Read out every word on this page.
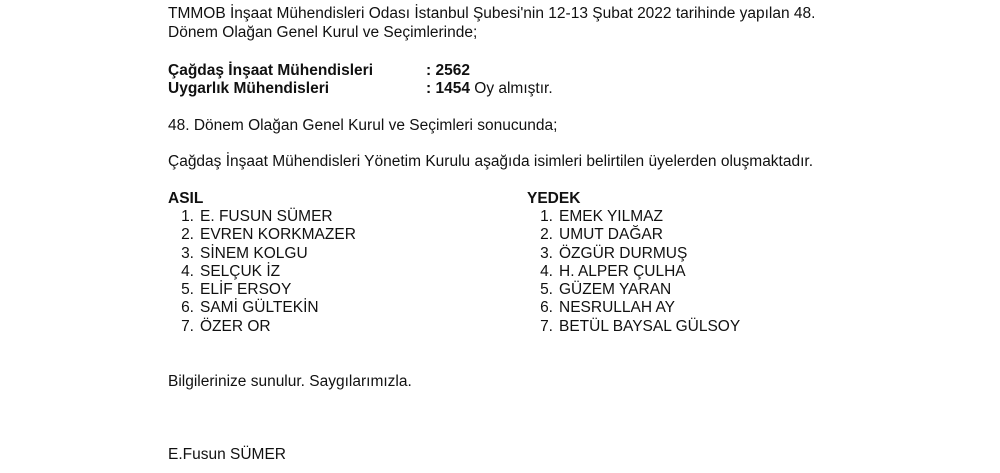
TMMOB İnşaat Mühendisleri Odası İstanbul Şubesi'nin 12-13 Şubat 2022 tarihinde yapılan 48.
Dönem Olağan Genel Kurul ve Seçimlerinde;
Çağdaş İnşaat Mühendisleri	: 2562
Uygarlık Mühendisleri	: 1454 Oy almıştır.
48. Dönem Olağan Genel Kurul ve Seçimleri sonucunda;
Çağdaş İnşaat Mühendisleri Yönetim Kurulu aşağıda isimleri belirtilen üyelerden oluşmaktadır.
ASIL
1. E. FUSUN SÜMER
2. EVREN KORKMAZER
3. SİNEM KOLGU
4. SELÇUK İZ
5. ELİF ERSOY
6. SAMİ GÜLTEKİN
7. ÖZER OR
YEDEK
1. EMEK YILMAZ
2. UMUT DAĞAR
3. ÖZGÜR DURMUŞ
4. H. ALPER ÇULHA
5. GÜZEM YARAN
6. NESRULLAH AY
7. BETÜL BAYSAL GÜLSOY
Bilgilerinize sunulur. Saygılarımızla.
E.Fusun SÜMER
